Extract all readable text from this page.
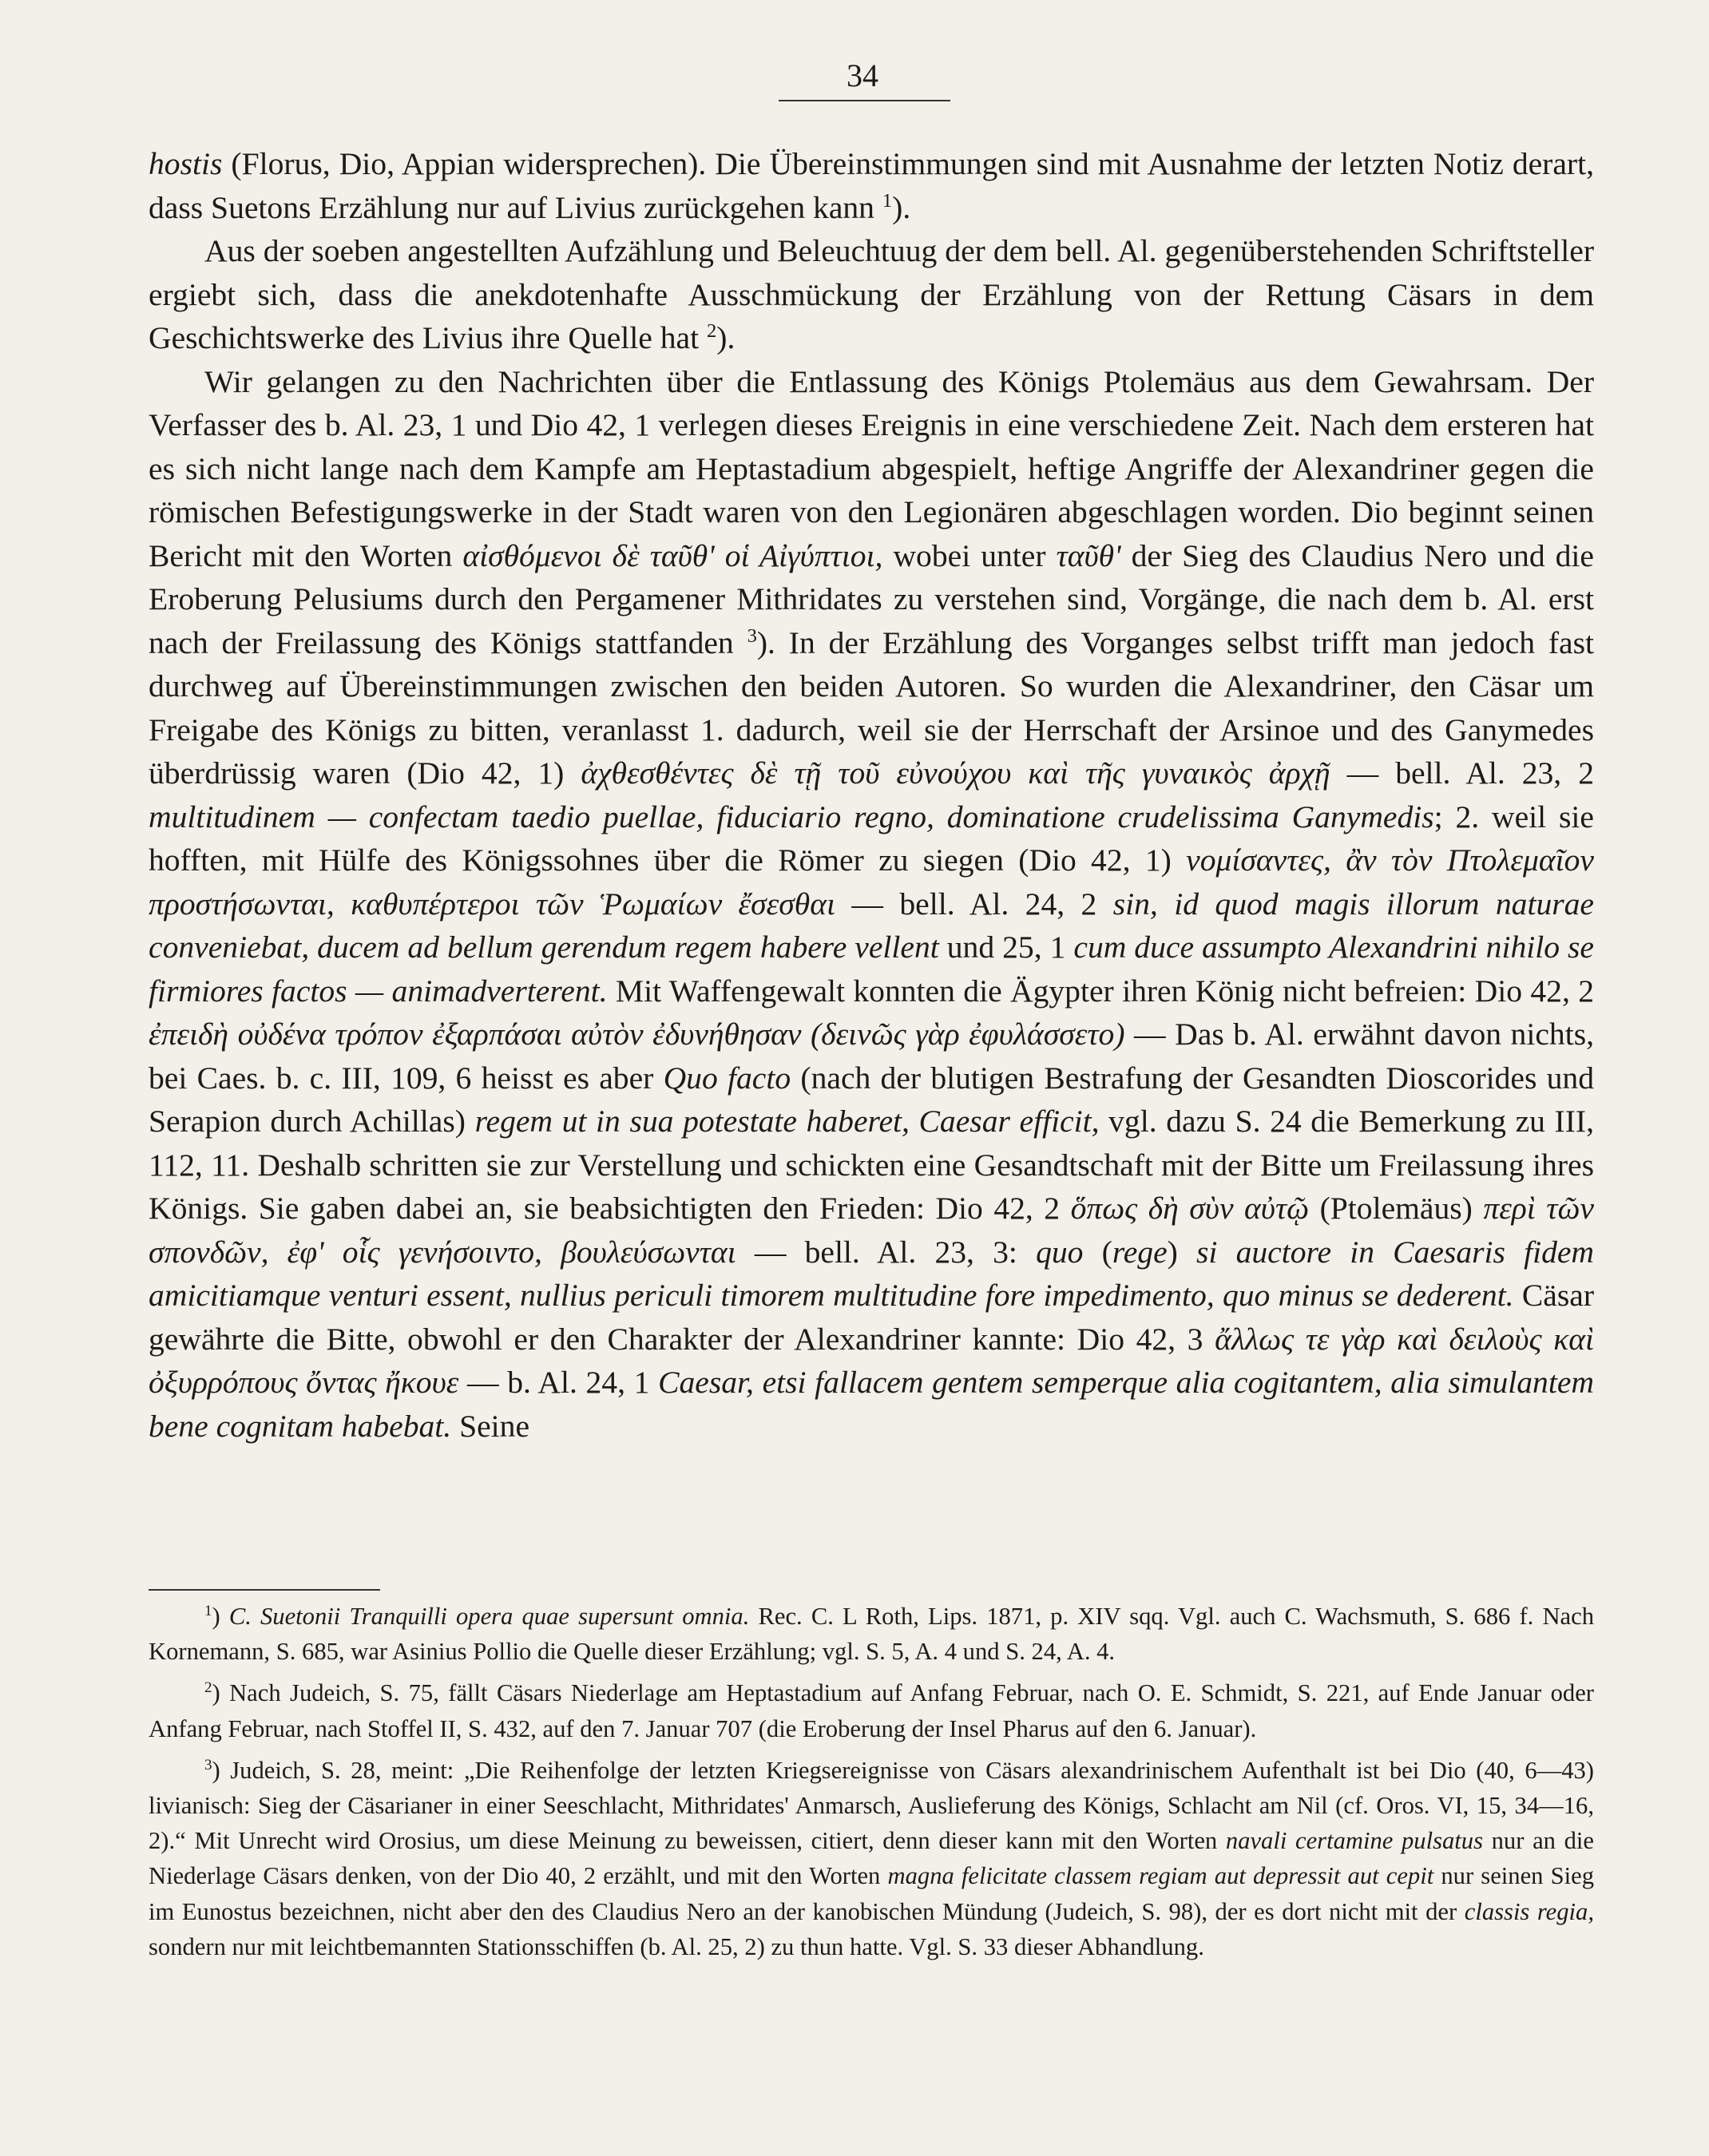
34

hostis (Florus, Dio, Appian widersprechen). Die Übereinstimmungen sind mit Ausnahme der letzten Notiz derart, dass Suetons Erzählung nur auf Livius zurückgehen kann $^1$).

Aus der soeben angestellten Aufzählung und Beleuchtuug der dem bell. Al. gegenüberstehenden Schriftsteller ergiebt sich, dass die anekdotenhafte Ausschmückung der Erzählung von der Rettung Cäsars in dem Geschichtswerke des Livius ihre Quelle hat $^2$).

Wir gelangen zu den Nachrichten über die Entlassung des Königs Ptolemäus aus dem Gewahrsam. Der Verfasser des b. Al. 23, 1 und Dio 42, 1 verlegen dieses Ereignis in eine verschiedene Zeit. Nach dem ersteren hat es sich nicht lange nach dem Kampfe am Heptastadium abgespielt, heftige Angriffe der Alexandriner gegen die römischen Befestigungswerke in der Stadt waren von den Legionären abgeschlagen worden. Dio beginnt seinen Bericht mit den Worten αἰσθόμενοι δὲ ταῦθ' οἱ Αἰγύπτιοι, wobei unter ταῦθ' der Sieg des Claudius Nero und die Eroberung Pelusiums durch den Pergamener Mithridates zu verstehen sind, Vorgänge, die nach dem b. Al. erst nach der Freilassung des Königs stattfanden $^3$). In der Erzählung des Vorganges selbst trifft man jedoch fast durchweg auf Übereinstimmungen zwischen den beiden Autoren. So wurden die Alexandriner, den Cäsar um Freigabe des Königs zu bitten, veranlasst 1. dadurch, weil sie der Herrschaft der Arsinoe und des Ganymedes überdrüssig waren (Dio 42, 1) ἀχθεσθέντες δὲ τῇ τοῦ εὐνούχου καὶ τῆς γυναικὸς ἀρχῇ — bell. Al. 23, 2 multitudinem — confectam taedio puellae, fiduciario regno, dominatione crudelissima Ganymedis; 2. weil sie hofften, mit Hülfe des Königssohnes über die Römer zu siegen (Dio 42, 1) νομίσαντες, ἂν τὸν Πτολεμαῖον προστήσωνται, καθυπέρτεροι τῶν Ῥωμαίων ἔσεσθαι — bell. Al. 24, 2 sin, id quod magis illorum naturae conveniebat, ducem ad bellum gerendum regem habere vellent und 25, 1 cum duce assumpto Alexandrini nihilo se firmiores factos — animadverterent. Mit Waffengewalt konnten die Ägypter ihren König nicht befreien: Dio 42, 2 ἐπειδὴ οὐδένα τρόπον ἐξαρπάσαι αὐτὸν ἐδυνήθησαν (δεινῶς γὰρ ἐφυλάσσετο) — Das b. Al. erwähnt davon nichts, bei Caes. b. c. III, 109, 6 heisst es aber Quo facto (nach der blutigen Bestrafung der Gesandten Dioscorides und Serapion durch Achillas) regem ut in sua potestate haberet, Caesar efficit, vgl. dazu S. 24 die Bemerkung zu III, 112, 11. Deshalb schritten sie zur Verstellung und schickten eine Gesandtschaft mit der Bitte um Freilassung ihres Königs. Sie gaben dabei an, sie beabsichtigten den Frieden: Dio 42, 2 ὅπως δὴ σὺν αὐτῷ (Ptolemäus) περὶ τῶν σπονδῶν, ἐφ' οἷς γενήσοιντο, βουλεύσωνται — bell. Al. 23, 3: quo (rege) si auctore in Caesaris fidem amicitiamque venturi essent, nullius periculi timorem multitudine fore impedimento, quo minus se dederent. Cäsar gewährte die Bitte, obwohl er den Charakter der Alexandriner kannte: Dio 42, 3 ἄλλως τε γὰρ καὶ δειλοὺς καὶ ὀξυρρόπους ὄντας ἤκουε — b. Al. 24, 1 Caesar, etsi fallacem gentem semperque alia cogitantem, alia simulantem bene cognitam habebat. Seine

$^1$) C. Suetonii Tranquilli opera quae supersunt omnia. Rec. C. L Roth, Lips. 1871, p. XIV sqq. Vgl. auch C. Wachsmuth, S. 686 f. Nach Kornemann, S. 685, war Asinius Pollio die Quelle dieser Erzählung; vgl. S. 5, A. 4 und S. 24, A. 4.

$^2$) Nach Judeich, S. 75, fällt Cäsars Niederlage am Heptastadium auf Anfang Februar, nach O. E. Schmidt, S. 221, auf Ende Januar oder Anfang Februar, nach Stoffel II, S. 432, auf den 7. Januar 707 (die Eroberung der Insel Pharus auf den 6. Januar).

$^3$) Judeich, S. 28, meint: „Die Reihenfolge der letzten Kriegsereignisse von Cäsars alexandrinischem Aufenthalt ist bei Dio (40, 6—43) livianisch: Sieg der Cäsarianer in einer Seeschlacht, Mithridates' Anmarsch, Auslieferung des Königs, Schlacht am Nil (cf. Oros. VI, 15, 34—16, 2).“ Mit Unrecht wird Orosius, um diese Meinung zu beweissen, citiert, denn dieser kann mit den Worten navali certamine pulsatus nur an die Niederlage Cäsars denken, von der Dio 40, 2 erzählt, und mit den Worten magna felicitate classem regiam aut depressit aut cepit nur seinen Sieg im Eunostus bezeichnen, nicht aber den des Claudius Nero an der kanobischen Mündung (Judeich, S. 98), der es dort nicht mit der classis regia, sondern nur mit leichtbemannten Stationsschiffen (b. Al. 25, 2) zu thun hatte. Vgl. S. 33 dieser Abhandlung.
